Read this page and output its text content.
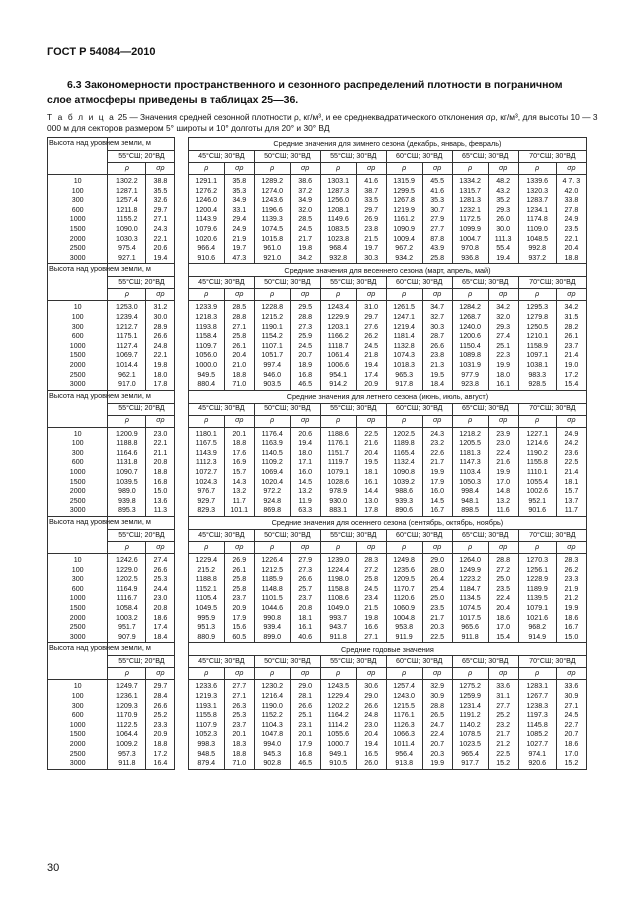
ГОСТ Р 54084—2010
6.3 Закономерности пространственного и сезонного распределений плотности в пограничном слое атмосферы приведены в таблицах 25—36.
Т а б л и ц а 25 — Значения средней сезонной плотности ρ, кг/м³, и ее среднеквадратического отклонения σρ, кг/м³, для высоты 10 — 3 000 м для секторов размером 5° широты и 10° долготы для 20° и 30° ВД
Высота над уровнем земли, м				Средние значения для зимнего сезона (декабрь, январь, февраль)											
	55°СШ; 20°ВД			45°СШ; 30°ВД		50°СШ; 30°ВД		55°СШ; 30°ВД		60°СШ; 30°ВД		65°СШ; 30°ВД		70°СШ; 30°ВД	
	ρ	σρ		ρ	σρ	ρ	σρ	ρ	σρ	ρ	σρ	ρ	σρ	ρ	σρ
10	1302.2	38.8		1291.1	35.8	1289.2	38.6	1303.1	41.6	1315.9	45.5	1334.2	48.2	1339.6	4 7. 3
100	1287.1	35.5		1276.2	35.3	1274.0	37.2	1287.3	38.7	1299.5	41.6	1315.7	43.2	1320.3	42.0
300	1257.4	32.6		1246.0	34.9	1243.6	34.9	1256.0	33.5	1267.8	35.3	1281.3	35.2	1283.7	33.8
600	1211.8	29.7		1200.4	33.1	1196.6	32.0	1208.1	29.7	1219.9	30.7	1232.1	29.3	1234.1	27.8
1000	1155.2	27.1		1143.9	29.4	1139.3	28.5	1149.6	26.9	1161.2	27.9	1172.5	26.0	1174.8	24.9
1500	1090.0	24.3		1079.6	24.9	1074.5	24.5	1083.5	23.8	1090.9	27.7	1099.9	30.0	1109.0	23.5
2000	1030.3	22.1		1020.6	21.9	1015.8	21.7	1023.8	21.5	1009.4	87.8	1004.7	111.3	1048.5	22.1
2500	975.4	20.6		966.4	19.7	961.0	19.8	968.4	19.7	967.2	43.9	970.8	55.4	992.8	20.4
3000	927.1	19.4		910.6	47.3	921.0	34.2	932.8	30.3	934.2	25.8	936.8	19.4	937.2	18.8
Высота над уровнем земли, м				Средние значения для весеннего сезона (март, апрель, май)											
	55°СШ; 20°ВД			45°СШ; 30°ВД		50°СШ; 30°ВД		55°СШ; 30°ВД		60°СШ; 30°ВД		65°СШ; 30°ВД		70°СШ; 30°ВД	
	ρ	σρ		ρ	σρ	ρ	σρ	ρ	σρ	ρ	σρ	ρ	σρ	ρ	σρ
10	1253.0	31.2		1233.9	28.5	1228.8	29.5	1243.4	31.0	1261.5	34.7	1284.2	34.2	1295.3	34.2
100	1239.4	30.0		1218.3	28.8	1215.2	28.8	1229.9	29.7	1247.1	32.7	1268.7	32.0	1279.8	31.5
300	1212.7	28.9		1193.8	27.1	1190.1	27.3	1203.1	27.6	1219.4	30.3	1240.0	29.3	1250.5	28.2
600	1175.1	26.6		1158.4	25.8	1154.2	25.9	1166.2	26.2	1181.4	28.7	1200.6	27.4	1210.1	26.1
1000	1127.4	24.8		1109.7	26.1	1107.1	24.5	1118.7	24.5	1132.8	26.6	1150.4	25.1	1158.9	23.7
1500	1069.7	22.1		1056.0	20.4	1051.7	20.7	1061.4	21.8	1074.3	23.8	1089.8	22.3	1097.1	21.4
2000	1014.4	19.8		1000.0	21.0	997.4	18.9	1006.6	19.4	1018.3	21.3	1031.9	19.9	1038.1	19.0
2500	962.1	18.0		949.5	18.8	946.0	16.8	954.1	17.4	965.3	19.5	977.9	18.0	983.3	17.2
3000	917.0	17.8		880.4	71.0	903.5	46.5	914.2	20.9	917.8	18.4	923.8	16.1	928.5	15.4
Высота над уровнем земли, м				Средние значения для летнего сезона (июнь, июль, август)											
	55°СШ; 20°ВД			45°СШ; 30°ВД		50°СШ; 30°ВД		55°СШ; 30°ВД		60°СШ; 30°ВД		65°СШ; 30°ВД		70°СШ; 30°ВД	
	ρ	σρ		ρ	σρ	ρ	σρ	ρ	σρ	ρ	σρ	ρ	σρ	ρ	σρ
10	1200.9	23.0		1180.1	20.1	1176.4	20.6	1188.6	22.5	1202.5	24.3	1218.2	23.9	1227.1	24.9
100	1188.8	22.1		1167.5	18.8	1163.9	19.4	1176.1	21.6	1189.8	23.2	1205.5	23.0	1214.6	24.2
300	1164.6	21.1		1143.9	17.6	1140.5	18.0	1151.7	20.4	1165.4	22.6	1181.3	22.4	1190.2	23.6
600	1131.8	20.8		1112.3	16.9	1109.2	17.1	1119.7	19.5	1132.4	21.7	1147.3	21.6	1155.8	22.5
1000	1090.7	18.8		1072.7	15.7	1069.4	16.0	1079.1	18.1	1090.8	19.9	1103.4	19.9	1110.1	21.4
1500	1039.5	16.8		1024.3	14.3	1020.4	14.5	1028.6	16.1	1039.2	17.9	1050.3	17.0	1055.4	18.1
2000	989.0	15.0		976.7	13.2	972.2	13.2	978.9	14.4	988.6	16.0	998.4	14.8	1002.6	15.7
2500	939.8	13.6		929.7	11.7	924.8	11.9	930.0	13.0	939.3	14.5	948.1	13.2	952.1	13.7
3000	895.3	11.3		829.3	101.1	869.8	63.3	883.1	17.8	890.6	16.7	898.5	11.6	901.6	11.7
Высота над уровнем земли, м				Средние значения для осеннего сезона (сентябрь, октябрь, ноябрь)											
	55°СШ; 20°ВД			45°СШ; 30°ВД		50°СШ; 30°ВД		55°СШ; 30°ВД		60°СШ; 30°ВД		65°СШ; 30°ВД		70°СШ; 30°ВД	
	ρ	σρ		ρ	σρ	ρ	σρ	ρ	σρ	ρ	σρ	ρ	σρ	ρ	σρ
10	1242.6	27.4		1229.4	26.9	1226.4	27.9	1239.0	28.3	1249.8	29.0	1264.0	28.8	1270.3	28.3
100	1229.0	26.6		215.2	26.1	1212.5	27.3	1224.4	27.2	1235.6	28.0	1249.9	27.2	1256.1	26.2
300	1202.5	25.3		1188.8	25.8	1185.9	26.6	1198.0	25.8	1209.5	26.4	1223.2	25.0	1228.9	23.3
600	1164.9	24.4		1152.1	25.8	1148.8	25.7	1158.8	24.5	1170.7	25.4	1184.7	23.5	1189.9	21.9
1000	1116.7	23.0		1105.4	23.7	1101.5	23.7	1108.6	23.4	1120.6	25.0	1134.5	22.4	1139.5	21.2
1500	1058.4	20.8		1049.5	20.9	1044.6	20.8	1049.0	21.5	1060.9	23.5	1074.5	20.4	1079.1	19.9
2000	1003.2	18.6		995.9	17.9	990.8	18.1	993.7	19.8	1004.8	21.7	1017.5	18.6	1021.6	18.6
2500	951.7	17.4		951.3	15.6	939.4	16.1	943.7	16.6	953.8	20.3	965.6	17.0	968.2	16.7
3000	907.9	18.4		880.9	60.5	899.0	40.6	911.8	27.1	911.9	22.5	911.8	15.4	914.9	15.0
Высота над уровнем земли, м				Средние годовые значения											
	55°СШ; 20°ВД			45°СШ; 30°ВД		50°СШ; 30°ВД		55°СШ; 30°ВД		60°СШ; 30°ВД		65°СШ; 30°ВД		70°СШ; 30°ВД	
	ρ	σρ		ρ	σρ	ρ	σρ	ρ	σρ	ρ	σρ	ρ	σρ	ρ	σρ
10	1249.7	29.7		1233.6	27.7	1230.2	29.0	1243.5	30.6	1257.4	32.9	1275.2	33.6	1283.1	33.6
100	1236.1	28.4		1219.3	27.1	1216.4	28.1	1229.4	29.0	1243.0	30.9	1259.9	31.1	1267.7	30.9
300	1209.3	26.6		1193.1	26.3	1190.0	26.6	1202.2	26.6	1215.5	28.8	1231.4	27.7	1238.3	27.1
600	1170.9	25.2		1155.8	25.3	1152.2	25.1	1164.2	24.8	1176.1	26.5	1191.2	25.2	1197.3	24.5
1000	1122.5	23.3		1107.9	23.7	1104.3	23.1	1114.2	23.0	1126.3	24.7	1140.2	23.2	1145.8	22.7
1500	1064.4	20.9		1052.3	20.1	1047.8	20.1	1055.6	20.4	1066.3	22.4	1078.5	21.7	1085.2	20.7
2000	1009.2	18.8		998.3	18.3	994.0	17.9	1000.7	19.4	1011.4	20.7	1023.5	21.2	1027.7	18.6
2500	957.3	17.2		948.5	18.8	945.3	16.8	949.1	16.5	956.4	20.3	965.4	22.5	974.1	17.0
3000	911.8	16.4		879.4	71.0	902.8	46.5	910.5	26.0	913.8	19.9	917.7	15.2	920.6	15.2
30
